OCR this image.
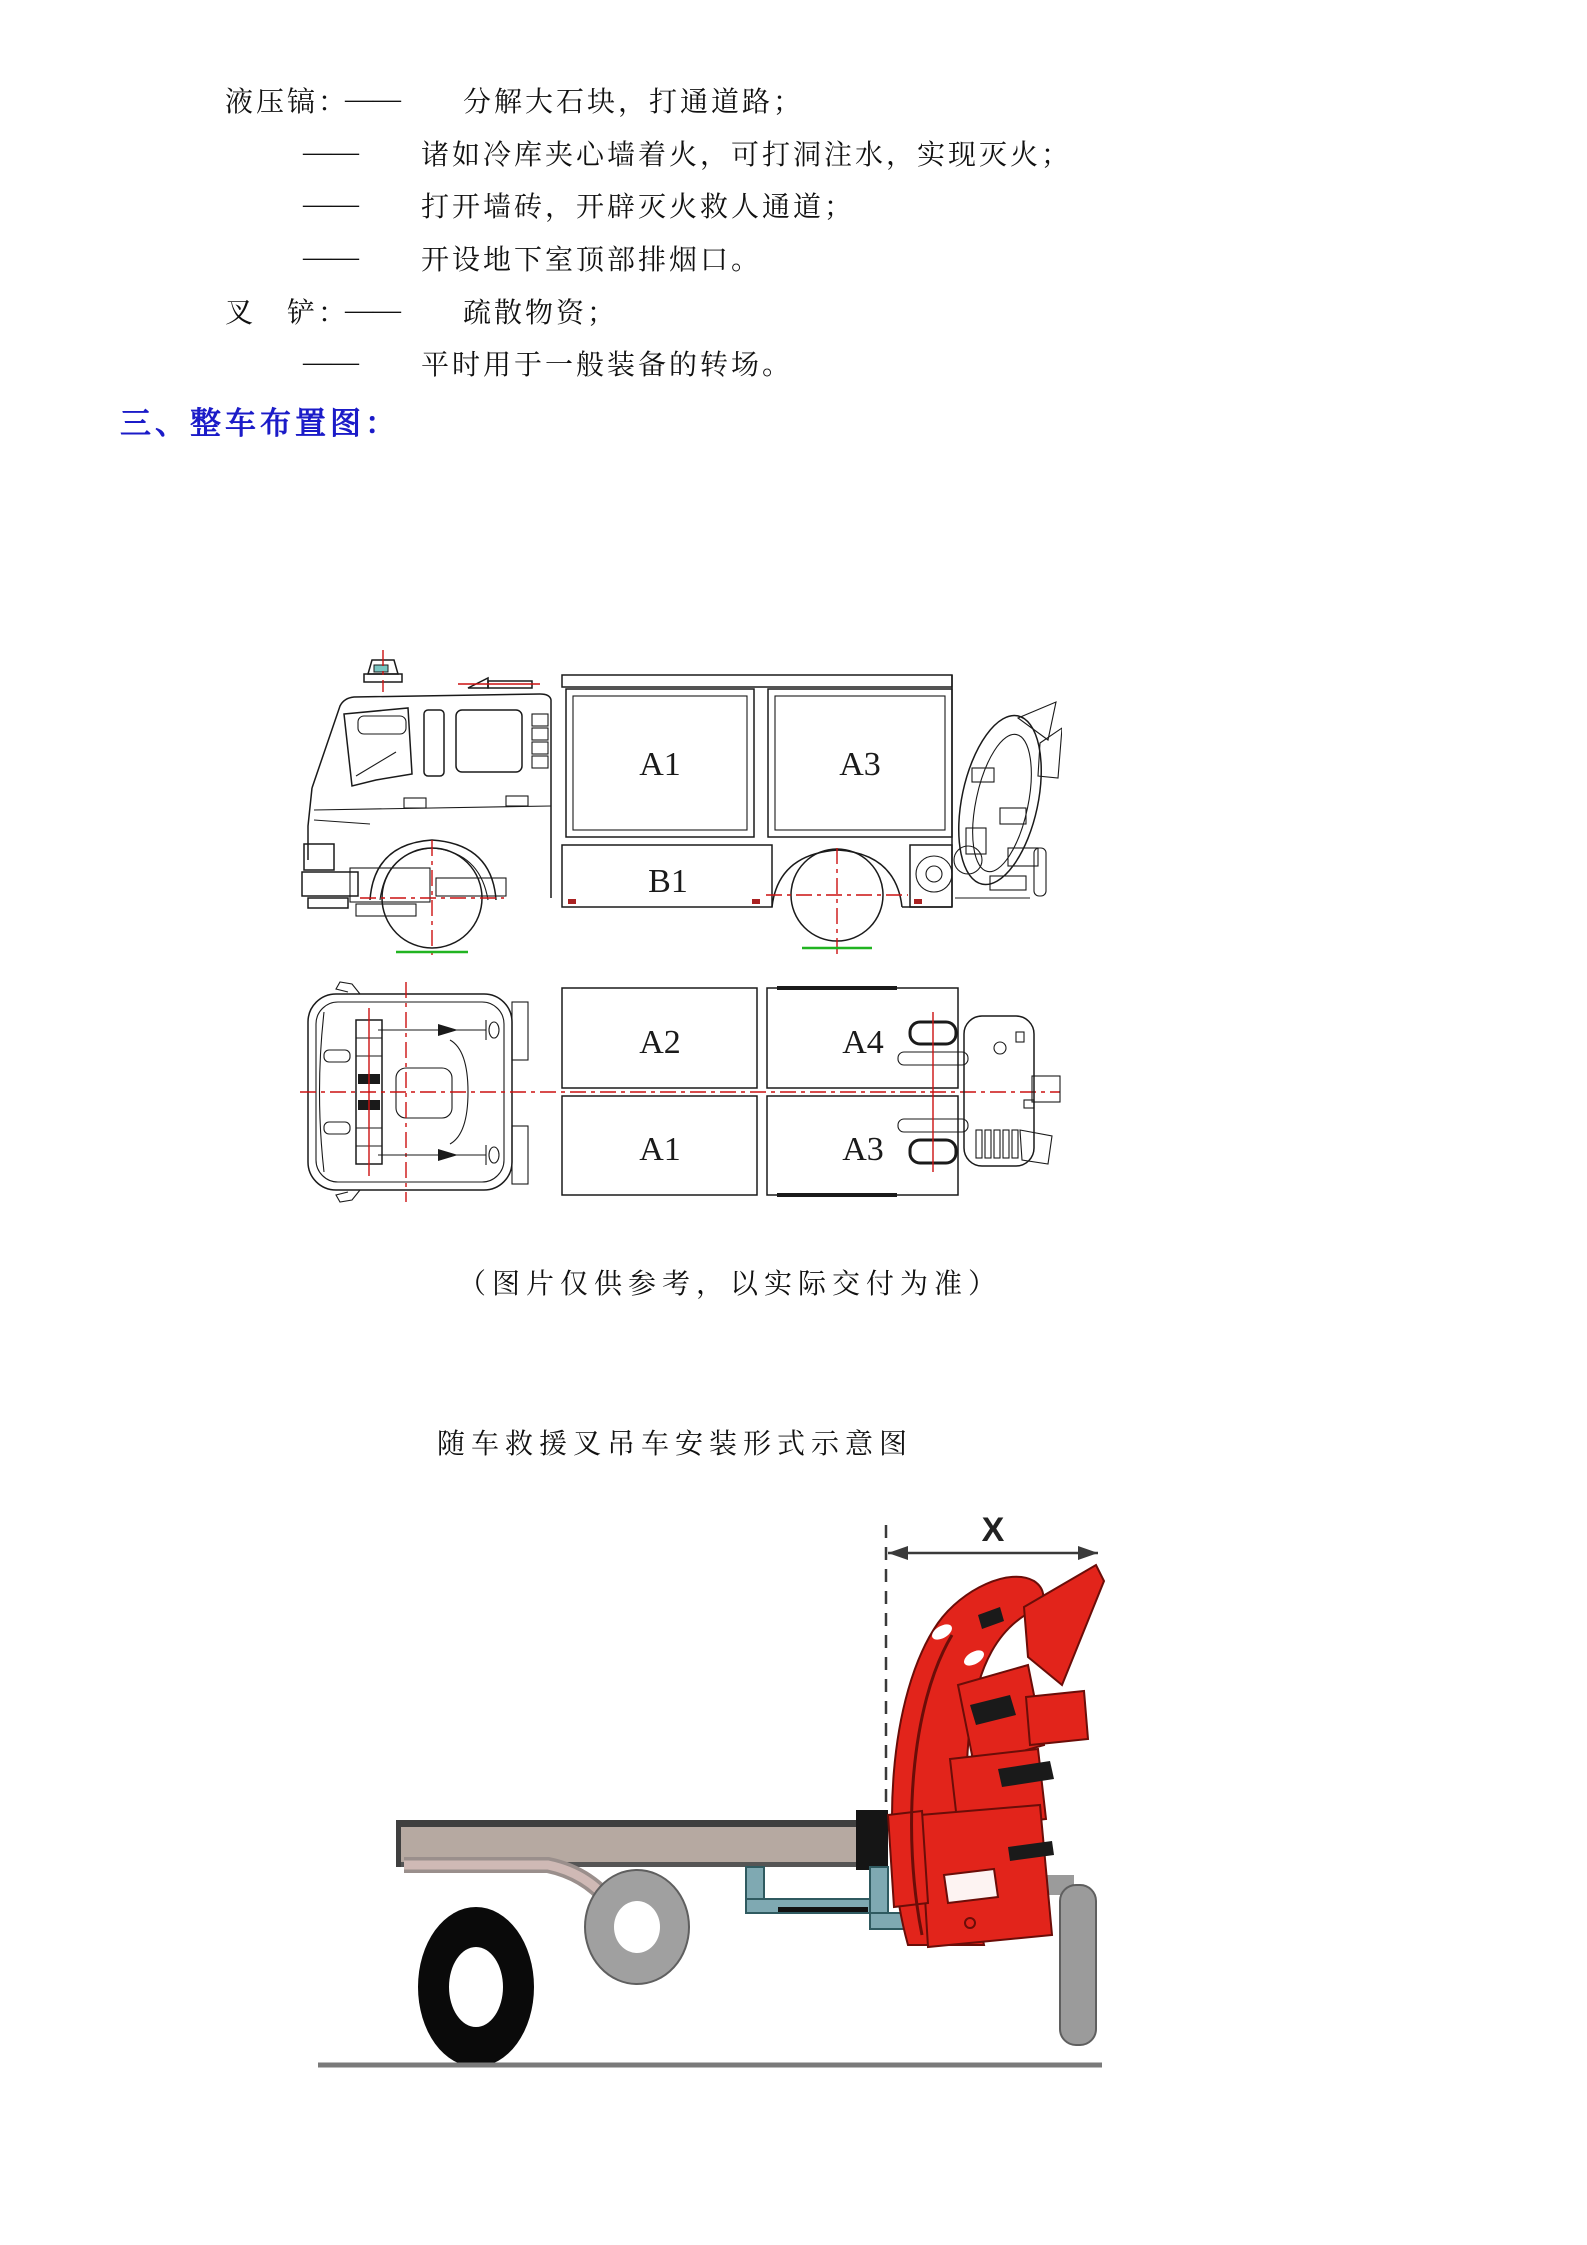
液压镐：
——	分解大石块，打通道路；
——	诸如冷库夹心墙着火，可打洞注水，实现灭火；
——	打开墙砖，开辟灭火救人通道；
——	开设地下室顶部排烟口。
叉　铲：
——	疏散物资；
——	平时用于一般装备的转场。
三、整车布置图：
A1	A3
B1
A2	A4
A1	A3
（图片仅供参考，以实际交付为准）
随车救援叉吊车安装形式示意图
X
